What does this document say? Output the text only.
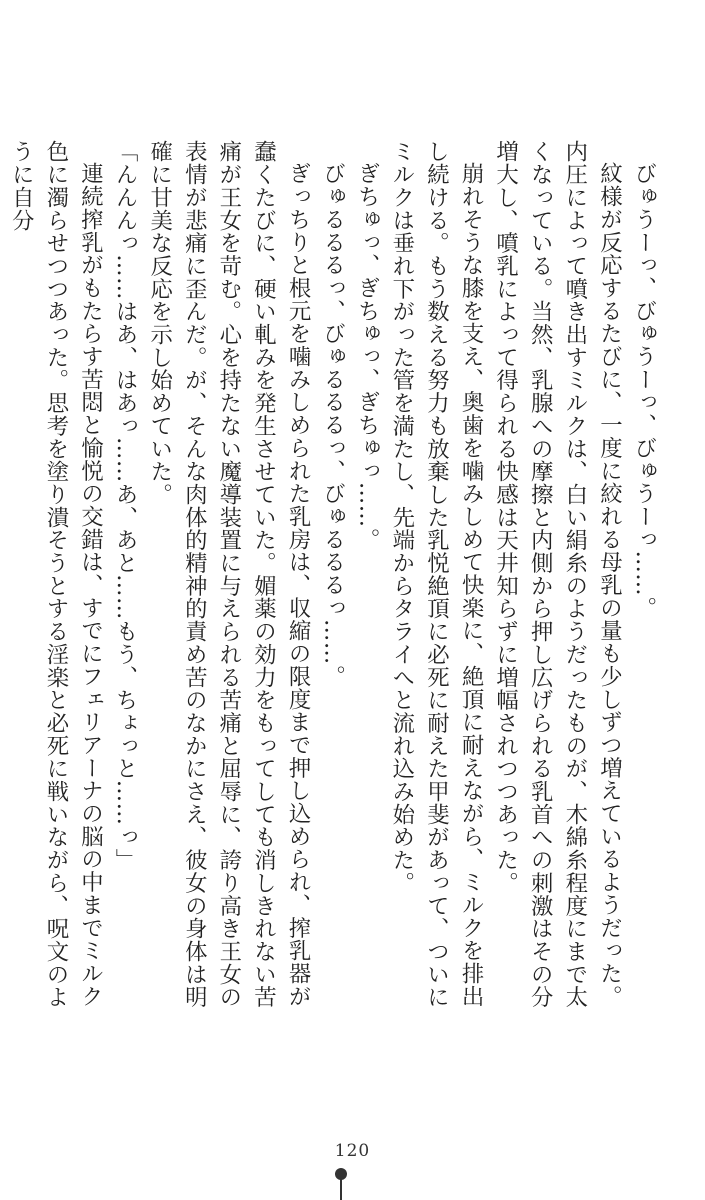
びゅうーっ、びゅうーっ、びゅうーっ……。

紋様が反応するたびに、一度に絞れる母乳の量も少しずつ増えているようだった。内圧によって噴き出すミルクは、白い絹糸のようだったものが、木綿糸程度にまで太くなっている。当然、乳腺への摩擦と内側から押し広げられる乳首への刺激はその分増大し、噴乳によって得られる快感は天井知らずに増幅されつつあった。

崩れそうな膝を支え、奥歯を噛みしめて快楽に、絶頂に耐えながら、ミルクを排出し続ける。もう数える努力も放棄した乳悦絶頂に必死に耐えた甲斐があって、ついにミルクは垂れ下がった管を満たし、先端からタライへと流れ込み始めた。

ぎちゅっ、ぎちゅっ、ぎちゅっ……。

びゅるるるっ、びゅるるるっ、びゅるるるっ……。

ぎっちりと根元を噛みしめられた乳房は、収縮の限度まで押し込められ、搾乳器が蠢くたびに、硬い軋みを発生させていた。媚薬の効力をもってしても消しきれない苦痛が王女を苛む。心を持たない魔導装置に与えられる苦痛と屈辱に、誇り高き王女の表情が悲痛に歪んだ。が、そんな肉体的精神的責め苦のなかにさえ、彼女の身体は明確に甘美な反応を示し始めていた。

「んんんっ……はあ、はあっ……あ、あと……もう、ちょっと……っ」

連続搾乳がもたらす苦悶と愉悦の交錯は、すでにフェリアーナの脳の中までミルク色に濁らせつつあった。思考を塗り潰そうとする淫楽と必死に戦いながら、呪文のように自分

120
